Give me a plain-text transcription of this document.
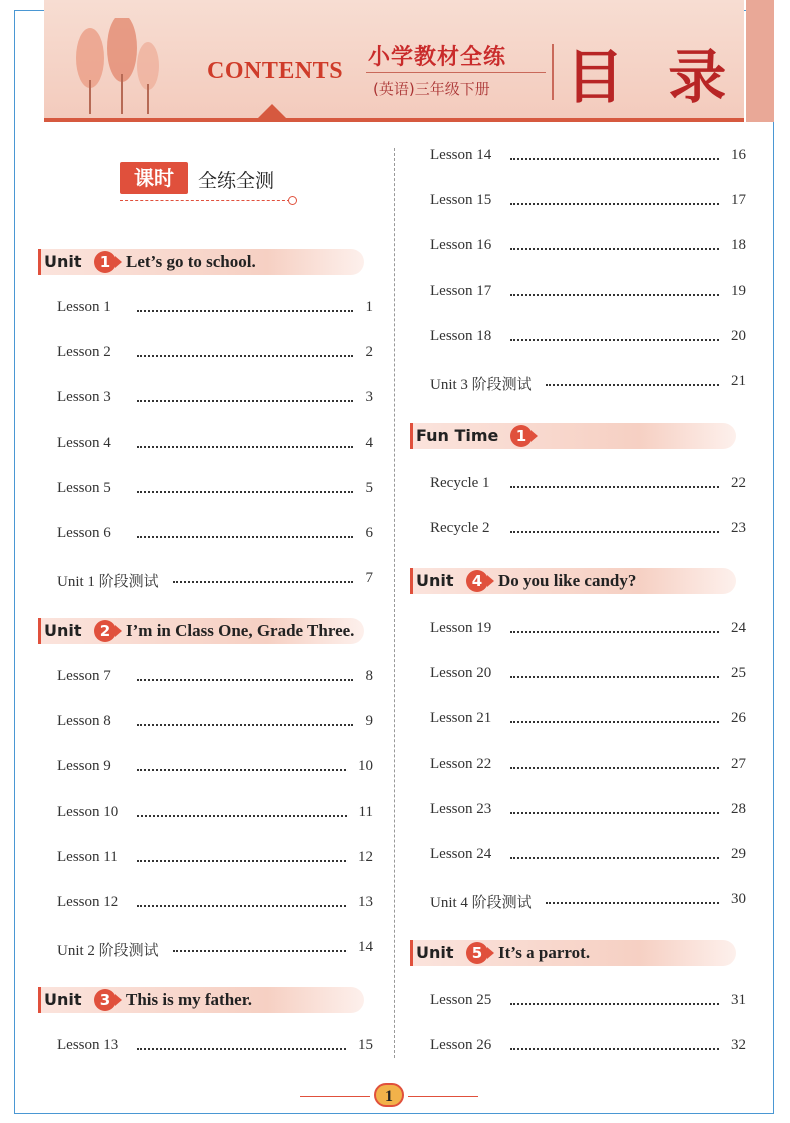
CONTENTS
小学教材全练
(英语)三年级下册 目 录
课时	全练全测
Unit	1 Let’s go to school.
Lesson 1	1
Lesson 2	2
Lesson 3	3
Lesson 4	4
Lesson 5	5
Lesson 6	6
Unit 1 阶段测试	7
Unit	2 I’m in Class One, Grade Three.
Lesson 7	8
Lesson 8	9
Lesson 9	10
Lesson 10	11
Lesson 11	12
Lesson 12	13
Unit 2 阶段测试	14
Unit	3 This is my father.
Lesson 13	15
Lesson 14	16
Lesson 15	17
Lesson 16	18
Lesson 17	19
Lesson 18	20
Unit 3 阶段测试	21
Fun Time	1
Recycle 1	22
Recycle 2	23
Unit	4 Do you like candy?
Lesson 19	24
Lesson 20	25
Lesson 21	26
Lesson 22	27
Lesson 23	28
Lesson 24	29
Unit 4 阶段测试	30
Unit	5 It’s a parrot.
Lesson 25	31
Lesson 26	32
1
